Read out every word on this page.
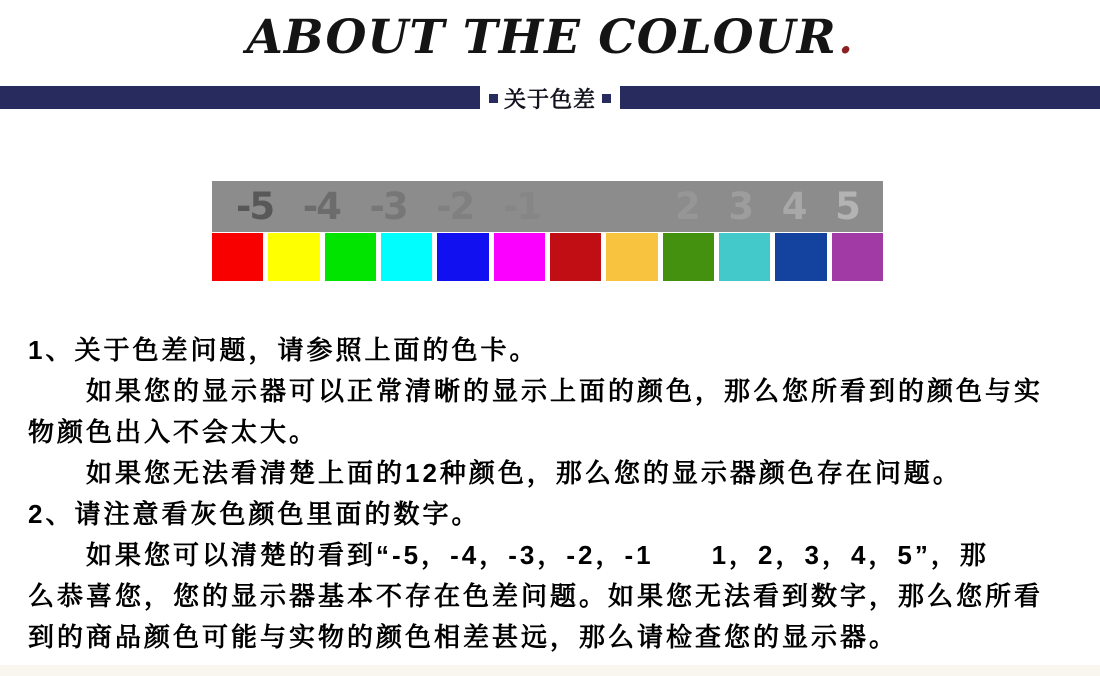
ABOUT THE COLOUR.
关于色差
-5 -4 -3 -2 -1 1 2 3 4 5
1、关于色差问题，请参照上面的色卡。
　　如果您的显示器可以正常清晰的显示上面的颜色，那么您所看到的颜色与实
物颜色出入不会太大。
　　如果您无法看清楚上面的12种颜色，那么您的显示器颜色存在问题。
2、请注意看灰色颜色里面的数字。
　　如果您可以清楚的看到“-5，-4，-3，-2，-1　　1，2，3，4，5”，那
么恭喜您，您的显示器基本不存在色差问题。如果您无法看到数字，那么您所看
到的商品颜色可能与实物的颜色相差甚远，那么请检查您的显示器。
